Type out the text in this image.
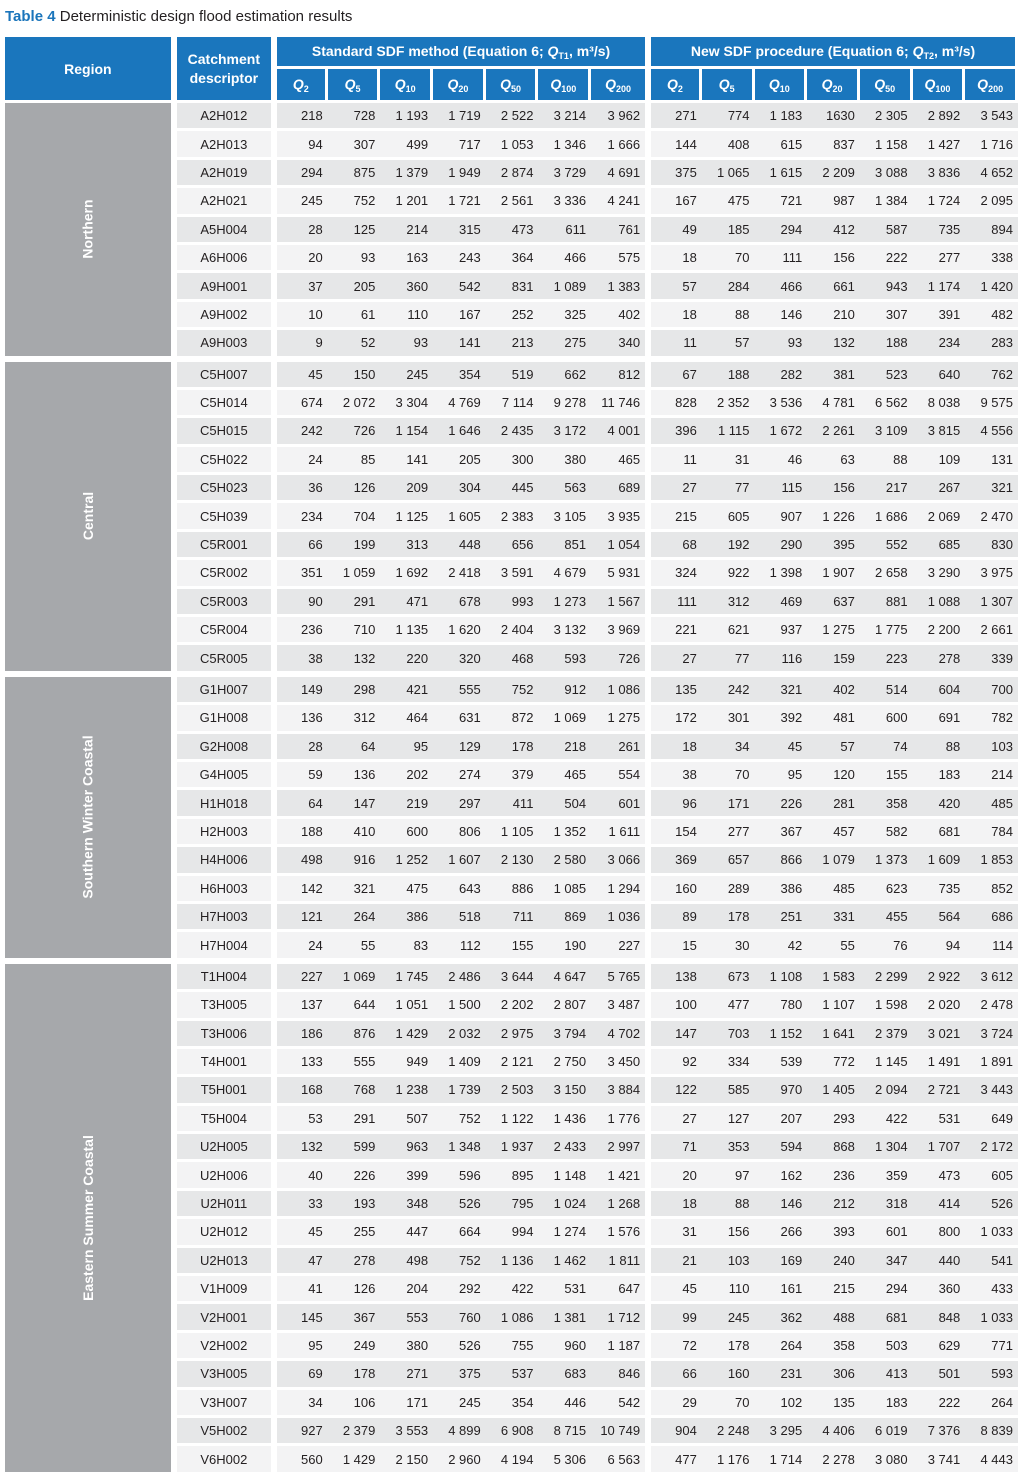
Table 4 Deterministic design flood estimation results
Region	Catchment descriptor	Standard SDF method (Equation 6; $Q_{T1}$, m³/s)							New SDF procedure (Equation 6; $Q_{T2}$, m³/s)						
		$Q_2$	$Q_5$	$Q_{10}$	$Q_{20}$	$Q_{50}$	$Q_{100}$	$Q_{200}$	$Q_2$	$Q_5$	$Q_{10}$	$Q_{20}$	$Q_{50}$	$Q_{100}$	$Q_{200}$
Northern	A2H012	218	728	1 193	1 719	2 522	3 214	3 962	271	774	1 183	1630	2 305	2 892	3 543
	A2H013	94	307	499	717	1 053	1 346	1 666	144	408	615	837	1 158	1 427	1 716
	A2H019	294	875	1 379	1 949	2 874	3 729	4 691	375	1 065	1 615	2 209	3 088	3 836	4 652
	A2H021	245	752	1 201	1 721	2 561	3 336	4 241	167	475	721	987	1 384	1 724	2 095
	A5H004	28	125	214	315	473	611	761	49	185	294	412	587	735	894
	A6H006	20	93	163	243	364	466	575	18	70	111	156	222	277	338
	A9H001	37	205	360	542	831	1 089	1 383	57	284	466	661	943	1 174	1 420
	A9H002	10	61	110	167	252	325	402	18	88	146	210	307	391	482
	A9H003	9	52	93	141	213	275	340	11	57	93	132	188	234	283
Central	C5H007	45	150	245	354	519	662	812	67	188	282	381	523	640	762
	C5H014	674	2 072	3 304	4 769	7 114	9 278	11 746	828	2 352	3 536	4 781	6 562	8 038	9 575
	C5H015	242	726	1 154	1 646	2 435	3 172	4 001	396	1 115	1 672	2 261	3 109	3 815	4 556
	C5H022	24	85	141	205	300	380	465	11	31	46	63	88	109	131
	C5H023	36	126	209	304	445	563	689	27	77	115	156	217	267	321
	C5H039	234	704	1 125	1 605	2 383	3 105	3 935	215	605	907	1 226	1 686	2 069	2 470
	C5R001	66	199	313	448	656	851	1 054	68	192	290	395	552	685	830
	C5R002	351	1 059	1 692	2 418	3 591	4 679	5 931	324	922	1 398	1 907	2 658	3 290	3 975
	C5R003	90	291	471	678	993	1 273	1 567	111	312	469	637	881	1 088	1 307
	C5R004	236	710	1 135	1 620	2 404	3 132	3 969	221	621	937	1 275	1 775	2 200	2 661
	C5R005	38	132	220	320	468	593	726	27	77	116	159	223	278	339
Southern Winter Coastal	G1H007	149	298	421	555	752	912	1 086	135	242	321	402	514	604	700
	G1H008	136	312	464	631	872	1 069	1 275	172	301	392	481	600	691	782
	G2H008	28	64	95	129	178	218	261	18	34	45	57	74	88	103
	G4H005	59	136	202	274	379	465	554	38	70	95	120	155	183	214
	H1H018	64	147	219	297	411	504	601	96	171	226	281	358	420	485
	H2H003	188	410	600	806	1 105	1 352	1 611	154	277	367	457	582	681	784
	H4H006	498	916	1 252	1 607	2 130	2 580	3 066	369	657	866	1 079	1 373	1 609	1 853
	H6H003	142	321	475	643	886	1 085	1 294	160	289	386	485	623	735	852
	H7H003	121	264	386	518	711	869	1 036	89	178	251	331	455	564	686
	H7H004	24	55	83	112	155	190	227	15	30	42	55	76	94	114
Eastern Summer Coastal	T1H004	227	1 069	1 745	2 486	3 644	4 647	5 765	138	673	1 108	1 583	2 299	2 922	3 612
	T3H005	137	644	1 051	1 500	2 202	2 807	3 487	100	477	780	1 107	1 598	2 020	2 478
	T3H006	186	876	1 429	2 032	2 975	3 794	4 702	147	703	1 152	1 641	2 379	3 021	3 724
	T4H001	133	555	949	1 409	2 121	2 750	3 450	92	334	539	772	1 145	1 491	1 891
	T5H001	168	768	1 238	1 739	2 503	3 150	3 884	122	585	970	1 405	2 094	2 721	3 443
	T5H004	53	291	507	752	1 122	1 436	1 776	27	127	207	293	422	531	649
	U2H005	132	599	963	1 348	1 937	2 433	2 997	71	353	594	868	1 304	1 707	2 172
	U2H006	40	226	399	596	895	1 148	1 421	20	97	162	236	359	473	605
	U2H011	33	193	348	526	795	1 024	1 268	18	88	146	212	318	414	526
	U2H012	45	255	447	664	994	1 274	1 576	31	156	266	393	601	800	1 033
	U2H013	47	278	498	752	1 136	1 462	1 811	21	103	169	240	347	440	541
	V1H009	41	126	204	292	422	531	647	45	110	161	215	294	360	433
	V2H001	145	367	553	760	1 086	1 381	1 712	99	245	362	488	681	848	1 033
	V2H002	95	249	380	526	755	960	1 187	72	178	264	358	503	629	771
	V3H005	69	178	271	375	537	683	846	66	160	231	306	413	501	593
	V3H007	34	106	171	245	354	446	542	29	70	102	135	183	222	264
	V5H002	927	2 379	3 553	4 899	6 908	8 715	10 749	904	2 248	3 295	4 406	6 019	7 376	8 839
	V6H002	560	1 429	2 150	2 960	4 194	5 306	6 563	477	1 176	1 714	2 278	3 080	3 741	4 443
